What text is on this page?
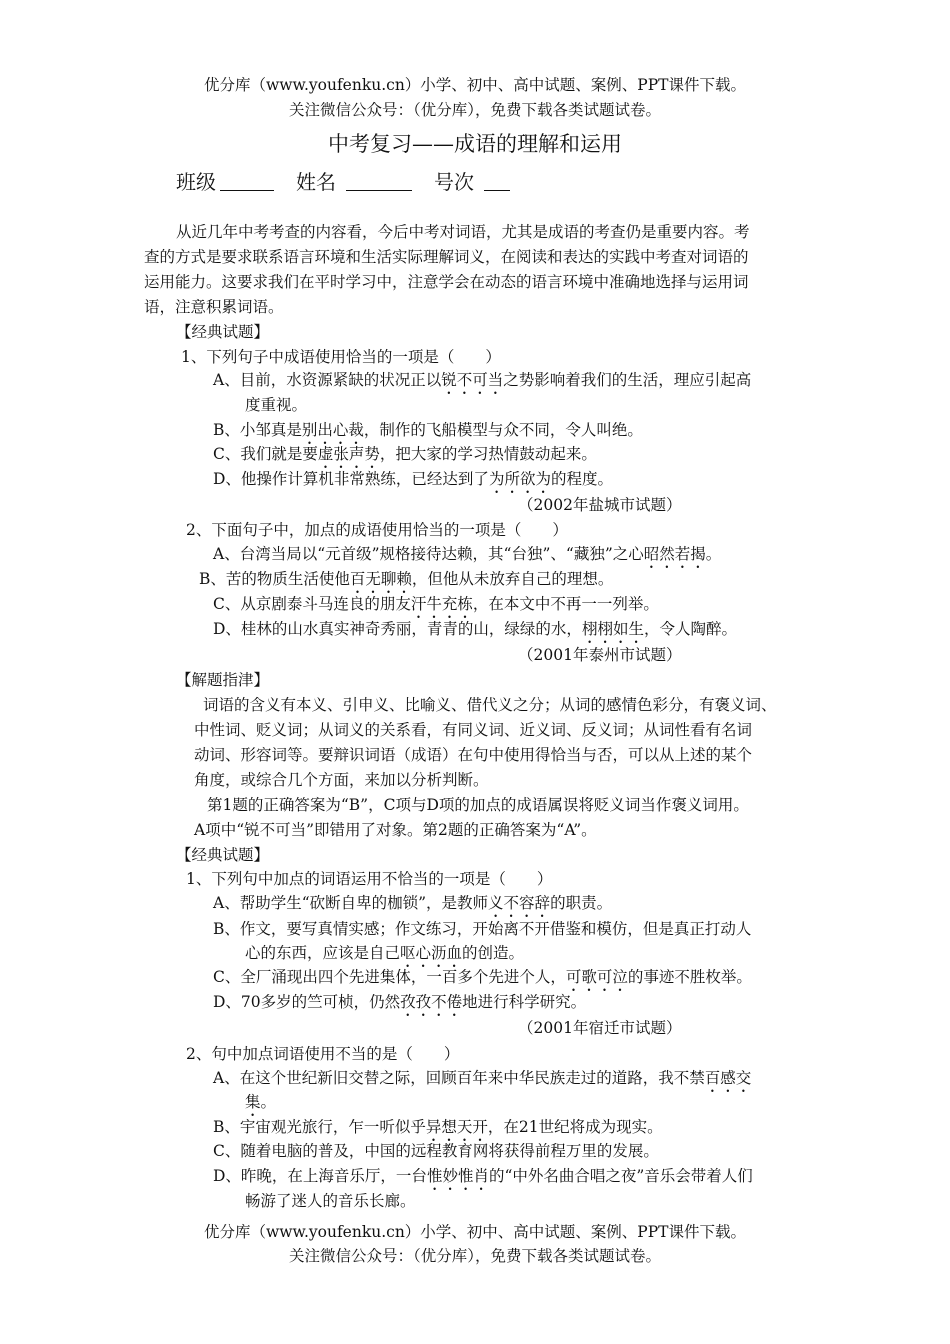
优分库（www.youfenku.cn）小学、初中、高中试题、案例、PPT课件下载。
关注微信公众号：（优分库），免费下载各类试题试卷。
中考复习——成语的理解和运用
班级	姓名	号次
从近几年中考考查的内容看，今后中考对词语，尤其是成语的考查仍是重要内容。考
查的方式是要求联系语言环境和生活实际理解词义，在阅读和表达的实践中考查对词语的
运用能力。这要求我们在平时学习中，注意学会在动态的语言环境中准确地选择与运用词
语，注意积累词语。
【经典试题】
1、下列句子中成语使用恰当的一项是（　　）
A、目前，水资源紧缺的状况正以锐不可当之势影响着我们的生活，理应引起高
度重视。
B、小邹真是别出心裁，制作的飞船模型与众不同，令人叫绝。
C、我们就是要虚张声势，把大家的学习热情鼓动起来。
D、他操作计算机非常熟练，已经达到了为所欲为的程度。
（2002年盐城市试题）
2、下面句子中，加点的成语使用恰当的一项是（　　）
A、台湾当局以“元首级”规格接待达赖，其“台独”、“藏独”之心昭然若揭。
B、苦的物质生活使他百无聊赖，但他从未放弃自己的理想。
C、从京剧泰斗马连良的朋友汗牛充栋，在本文中不再一一列举。
D、桂林的山水真实神奇秀丽，青青的山，绿绿的水，栩栩如生，令人陶醉。
（2001年泰州市试题）
【解题指津】
词语的含义有本义、引申义、比喻义、借代义之分；从词的感情色彩分，有褒义词、
中性词、贬义词；从词义的关系看，有同义词、近义词、反义词；从词性看有名词
动词、形容词等。要辩识词语（成语）在句中使用得恰当与否，可以从上述的某个
角度，或综合几个方面，来加以分析判断。
第1题的正确答案为“B”，C项与D项的加点的成语属误将贬义词当作褒义词用。
A项中“锐不可当”即错用了对象。第2题的正确答案为“A”。
【经典试题】
1、下列句中加点的词语运用不恰当的一项是（　　）
A、帮助学生“砍断自卑的枷锁”，是教师义不容辞的职责。
B、作文，要写真情实感；作文练习，开始离不开借鉴和模仿，但是真正打动人
心的东西，应该是自己呕心沥血的创造。
C、全厂涌现出四个先进集体，一百多个先进个人，可歌可泣的事迹不胜枚举。
D、70多岁的竺可桢，仍然孜孜不倦地进行科学研究。
（2001年宿迁市试题）
2、句中加点词语使用不当的是（　　）
A、在这个世纪新旧交替之际，回顾百年来中华民族走过的道路，我不禁百感交
集。
B、宇宙观光旅行，乍一听似乎异想天开，在21世纪将成为现实。
C、随着电脑的普及，中国的远程教育网将获得前程万里的发展。
D、昨晚，在上海音乐厅，一台惟妙惟肖的“中外名曲合唱之夜”音乐会带着人们
畅游了迷人的音乐长廊。
优分库（www.youfenku.cn）小学、初中、高中试题、案例、PPT课件下载。
关注微信公众号：（优分库），免费下载各类试题试卷。
